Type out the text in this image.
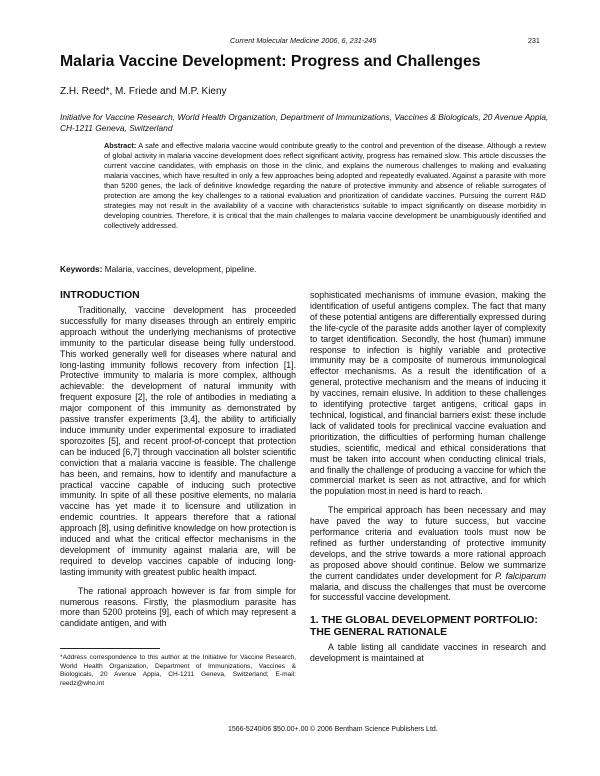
Current Molecular Medicine 2006, 6, 231-245	231
Malaria Vaccine Development: Progress and Challenges
Z.H. Reed*, M. Friede and M.P. Kieny
Initiative for Vaccine Research, World Health Organization, Department of Immunizations, Vaccines & Biologicals, 20 Avenue Appia, CH-1211 Geneva, Switzerland
Abstract: A safe and effective malaria vaccine would contribute greatly to the control and prevention of the disease. Although a review of global activity in malaria vaccine development does reflect significant activity, progress has remained slow. This article discusses the current vaccine candidates, with emphasis on those in the clinic, and explains the numerous challenges to making and evaluating malaria vaccines, which have resulted in only a few approaches being adopted and repeatedly evaluated. Against a parasite with more than 5200 genes, the lack of definitive knowledge regarding the nature of protective immunity and absence of reliable surrogates of protection are among the key challenges to a rational evaluation and prioritization of candidate vaccines. Pursuing the current R&D strategies may not result in the availability of a vaccine with characteristics suitable to impact significantly on disease morbidity in developing countries. Therefore, it is critical that the main challenges to malaria vaccine development be unambiguously identified and collectively addressed.
Keywords: Malaria, vaccines, development, pipeline.
INTRODUCTION

Traditionally, vaccine development has proceeded successfully for many diseases through an entirely empiric approach without the underlying mechanisms of protective immunity to the particular disease being fully understood. This worked generally well for diseases where natural and long-lasting immunity follows recovery from infection [1]. Protective immunity to malaria is more complex, although achievable: the development of natural immunity with frequent exposure [2], the role of antibodies in mediating a major component of this immunity as demonstrated by passive transfer experiments [3,4], the ability to artificially induce immunity under experimental exposure to irradiated sporozoites [5], and recent proof-of-concept that protection can be induced [6,7] through vaccination all bolster scientific conviction that a malaria vaccine is feasible. The challenge has been, and remains, how to identify and manufacture a practical vaccine capable of inducing such protective immunity. In spite of all these positive elements, no malaria vaccine has yet made it to licensure and utilization in endemic countries. It appears therefore that a rational approach [8], using definitive knowledge on how protection is induced and what the critical effector mechanisms in the development of immunity against malaria are, will be required to develop vaccines capable of inducing long-lasting immunity with greatest public health impact.

The rational approach however is far from simple for numerous reasons. Firstly, the plasmodium parasite has more than 5200 proteins [9], each of which may represent a candidate antigen, and with

sophisticated mechanisms of immune evasion, making the identification of useful antigens complex. The fact that many of these potential antigens are differentially expressed during the life-cycle of the parasite adds another layer of complexity to target identification. Secondly, the host (human) immune response to infection is highly variable and protective immunity may be a composite of numerous immunological effector mechanisms. As a result the identification of a general, protective mechanism and the means of inducing it by vaccines, remain elusive. In addition to these challenges to identifying protective target antigens, critical gaps in technical, logistical, and financial barriers exist: these include lack of validated tools for preclinical vaccine evaluation and prioritization, the difficulties of performing human challenge studies, scientific, medical and ethical considerations that must be taken into account when conducting clinical trials, and finally the challenge of producing a vaccine for which the commercial market is seen as not attractive, and for which the population most in need is hard to reach.

The empirical approach has been necessary and may have paved the way to future success, but vaccine performance criteria and evaluation tools must now be refined as further understanding of protective immunity develops, and the strive towards a more rational approach as proposed above should continue. Below we summarize the current candidates under development for P. falciparum malaria, and discuss the challenges that must be overcome for successful vaccine development.

1. THE GLOBAL DEVELOPMENT PORTFOLIO: THE GENERAL RATIONALE

A table listing all candidate vaccines in research and development is maintained at

*Address correspondence to this author at the Initiative for Vaccine Research, World Health Organization, Department of Immunizations, Vaccines & Biologicals, 20 Avenue Appia, CH-1211 Geneva, Switzerland; E-mail: reedz@who.int
1566-5240/06 $50.00+.00 © 2006 Bentham Science Publishers Ltd.
